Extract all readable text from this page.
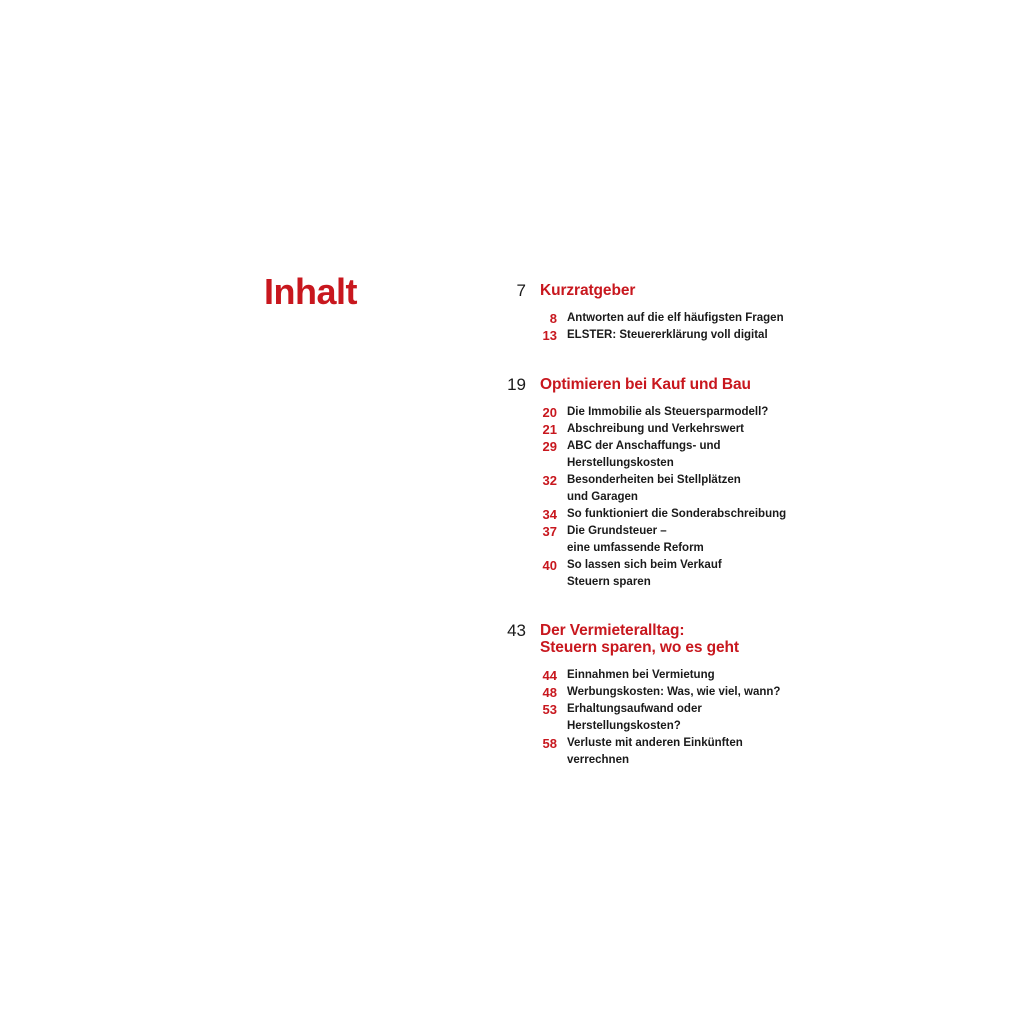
Inhalt	7 Kurzratgeber
8 Antworten auf die elf häufigsten Fragen
13 ELSTER: Steuererklärung voll digital
19 Optimieren bei Kauf und Bau
20 Die Immobilie als Steuersparmodell?
21 Abschreibung und Verkehrswert
29 ABC der Anschaffungs- und
Herstellungskosten
32 Besonderheiten bei Stellplätzen
und Garagen
34 So funktioniert die Sonderabschreibung
37 Die Grundsteuer –
eine umfassende Reform
40 So lassen sich beim Verkauf
Steuern sparen
43 Der Vermieteralltag:
Steuern sparen, wo es geht
44 Einnahmen bei Vermietung
48 Werbungskosten: Was, wie viel, wann?
53 Erhaltungsaufwand oder
Herstellungskosten?
58 Verluste mit anderen Einkünften
verrechnen
